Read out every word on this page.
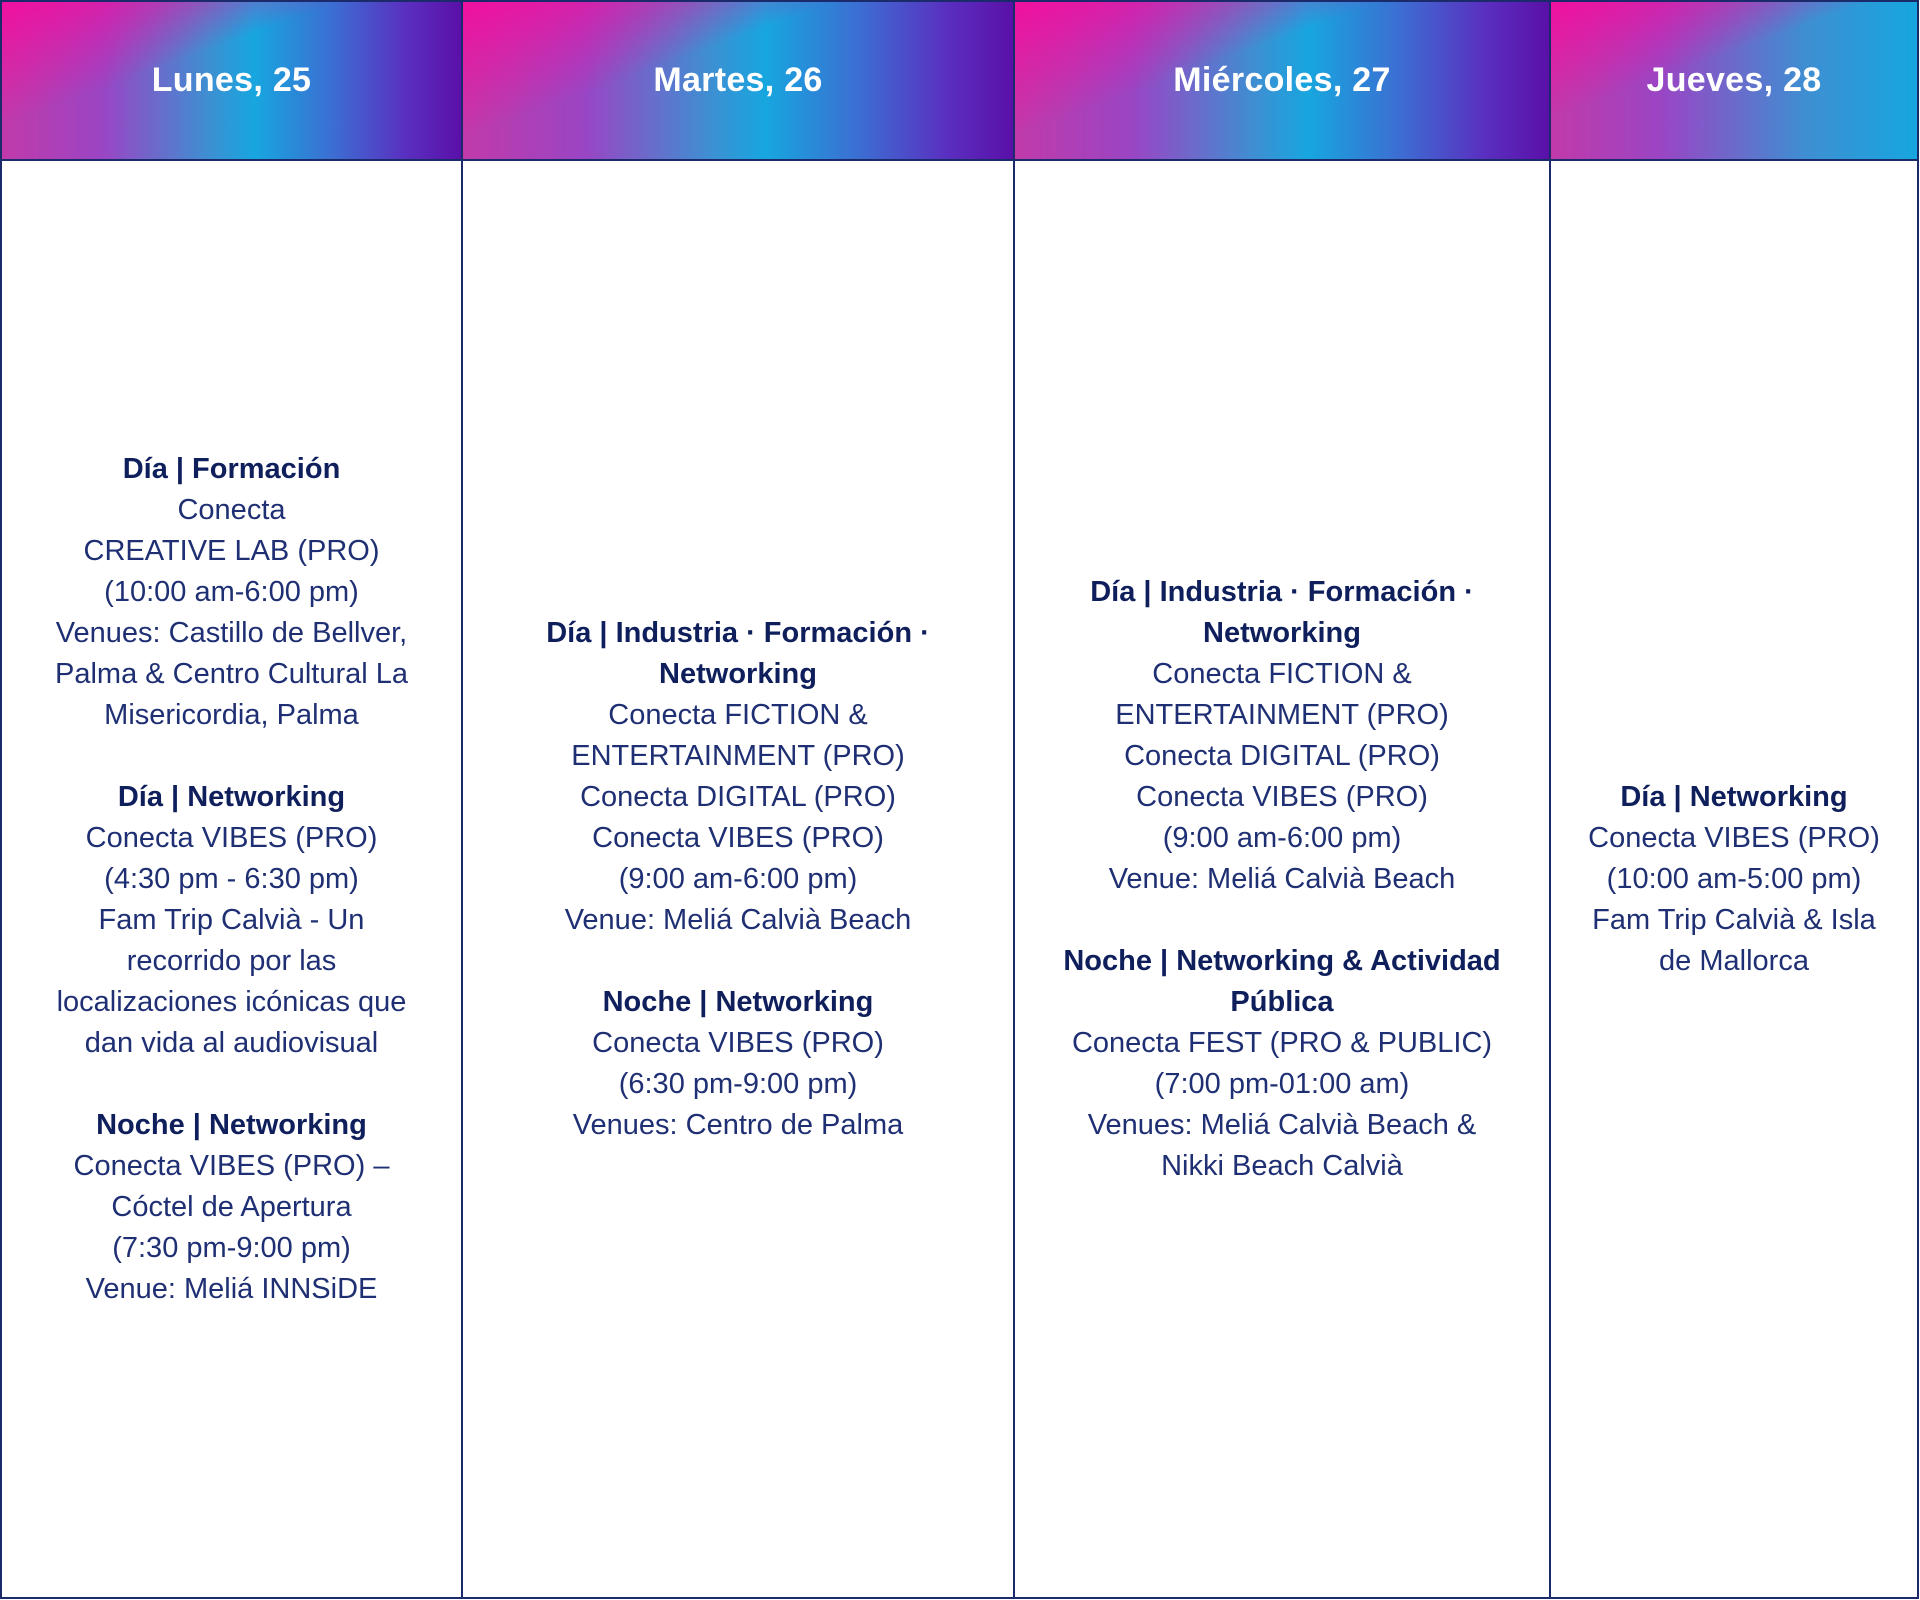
Lunes, 25
Día | Formación
Conecta
CREATIVE LAB (PRO)
(10:00 am-6:00 pm)
Venues: Castillo de Bellver, Palma & Centro Cultural La Misericordia, Palma
Día | Networking
Conecta VIBES (PRO)
(4:30 pm - 6:30 pm)
Fam Trip Calvià - Un recorrido por las localizaciones icónicas que dan vida al audiovisual
Noche | Networking
Conecta VIBES (PRO) – Cóctel de Apertura
(7:30 pm-9:00 pm)
Venue: Meliá INNSiDE
Martes, 26
Día | Industria · Formación · Networking
Conecta FICTION & ENTERTAINMENT (PRO)
Conecta DIGITAL (PRO)
Conecta VIBES (PRO)
(9:00 am-6:00 pm)
Venue: Meliá Calvià Beach
Noche | Networking
Conecta VIBES (PRO)
(6:30 pm-9:00 pm)
Venues: Centro de Palma
Miércoles, 27
Día | Industria · Formación · Networking
Conecta FICTION & ENTERTAINMENT (PRO)
Conecta DIGITAL (PRO)
Conecta VIBES (PRO)
(9:00 am-6:00 pm)
Venue: Meliá Calvià Beach
Noche | Networking & Actividad Pública
Conecta FEST (PRO & PUBLIC)
(7:00 pm-01:00 am)
Venues: Meliá Calvià Beach & Nikki Beach Calvià
Jueves, 28
Día | Networking
Conecta VIBES (PRO)
(10:00 am-5:00 pm)
Fam Trip Calvià & Isla de Mallorca
